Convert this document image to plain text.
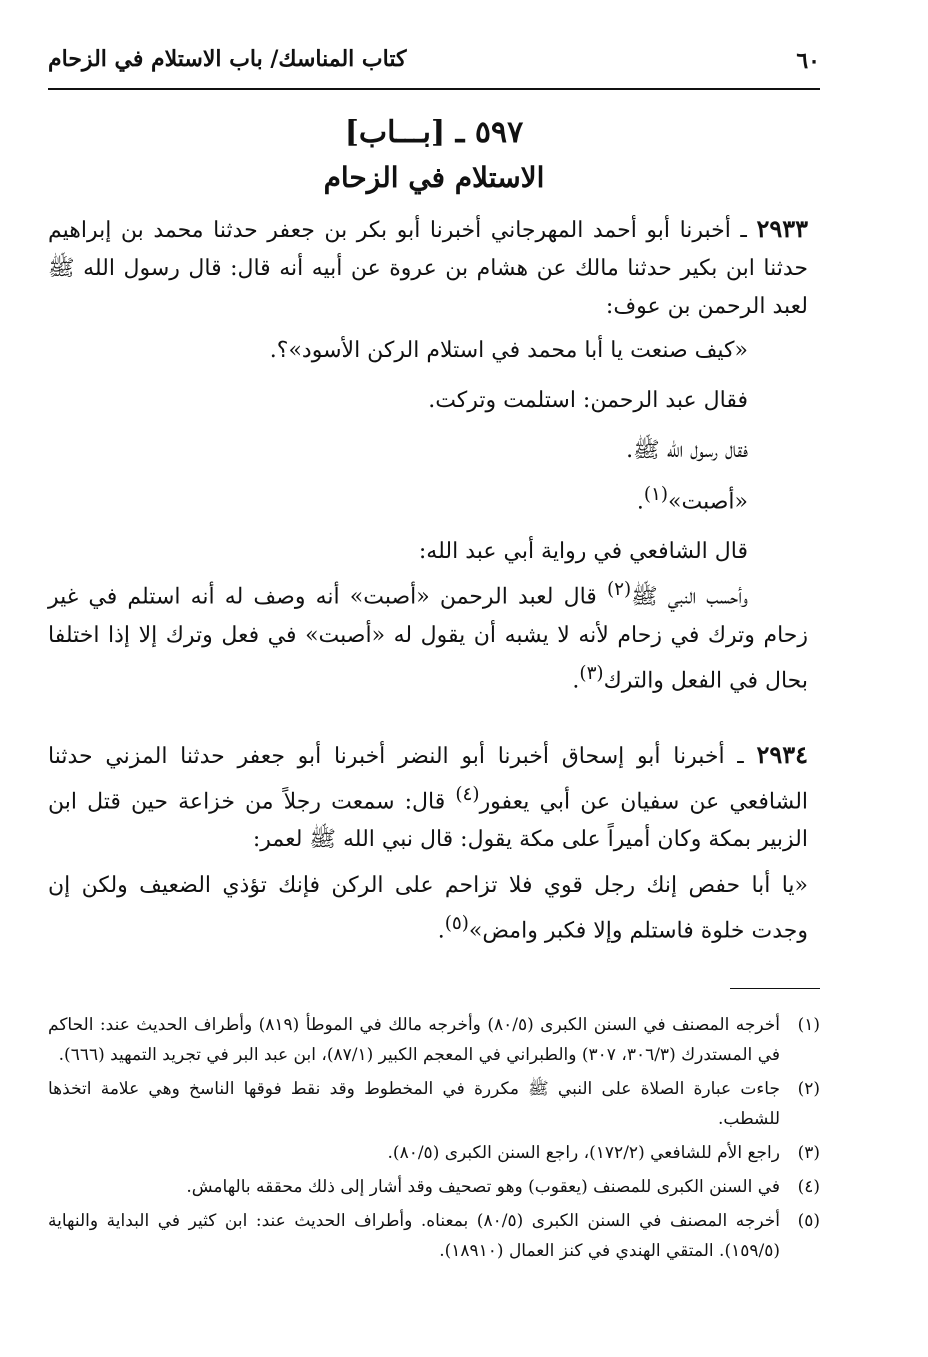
كتاب المناسك/ باب الاستلام في الزحام	٦٠
٥٩٧ ـ [بـــاب]
الاستلام في الزحام

٢٩٣٣ ـ أخبرنا أبو أحمد المهرجاني أخبرنا أبو بكر بن جعفر حدثنا محمد بن إبراهيم حدثنا ابن بكير حدثنا مالك عن هشام بن عروة عن أبيه أنه قال: قال رسول الله ﷺ لعبد الرحمن بن عوف:

«كيف صنعت يا أبا محمد في استلام الركن الأسود»؟.

فقال عبد الرحمن: استلمت وتركت.

فقال رسول الله ﷺ.

«أصبت»$^{(١)}$.

قال الشافعي في رواية أبي عبد الله:

وأحسب النبي ﷺ$^{(٢)}$ قال لعبد الرحمن «أصبت» أنه وصف له أنه استلم في غير زحام وترك في زحام لأنه لا يشبه أن يقول له «أصبت» في فعل وترك إلا إذا اختلفا بحال في الفعل والترك$^{(٣)}$.

٢٩٣٤ ـ أخبرنا أبو إسحاق أخبرنا أبو النضر أخبرنا أبو جعفر حدثنا المزني حدثنا الشافعي عن سفيان عن أبي يعفور$^{(٤)}$ قال: سمعت رجلاً من خزاعة حين قتل ابن الزبير بمكة وكان أميراً على مكة يقول: قال نبي الله ﷺ لعمر:

«يا أبا حفص إنك رجل قوي فلا تزاحم على الركن فإنك تؤذي الضعيف ولكن إن وجدت خلوة فاستلم وإلا فكبر وامض»$^{(٥)}$.

(١)أخرجه المصنف في السنن الكبرى (٨٠/٥) وأخرجه مالك في الموطأ (٨١٩) وأطراف الحديث عند: الحاكم في المستدرك (٣٠٦/٣، ٣٠٧) والطبراني في المعجم الكبير (٨٧/١)، ابن عبد البر في تجريد التمهيد (٦٦٦).

(٢)جاءت عبارة الصلاة على النبي ﷺ مكررة في المخطوط وقد نقط فوقها الناسخ وهي علامة اتخذها للشطب.

(٣)راجع الأم للشافعي (١٧٢/٢)، راجع السنن الكبرى (٨٠/٥).

(٤)في السنن الكبرى للمصنف (يعقوب) وهو تصحيف وقد أشار إلى ذلك محققه بالهامش.

(٥)أخرجه المصنف في السنن الكبرى (٨٠/٥) بمعناه. وأطراف الحديث عند: ابن كثير في البداية والنهاية (١٥٩/٥). المتقي الهندي في كنز العمال (١٨٩١٠).
